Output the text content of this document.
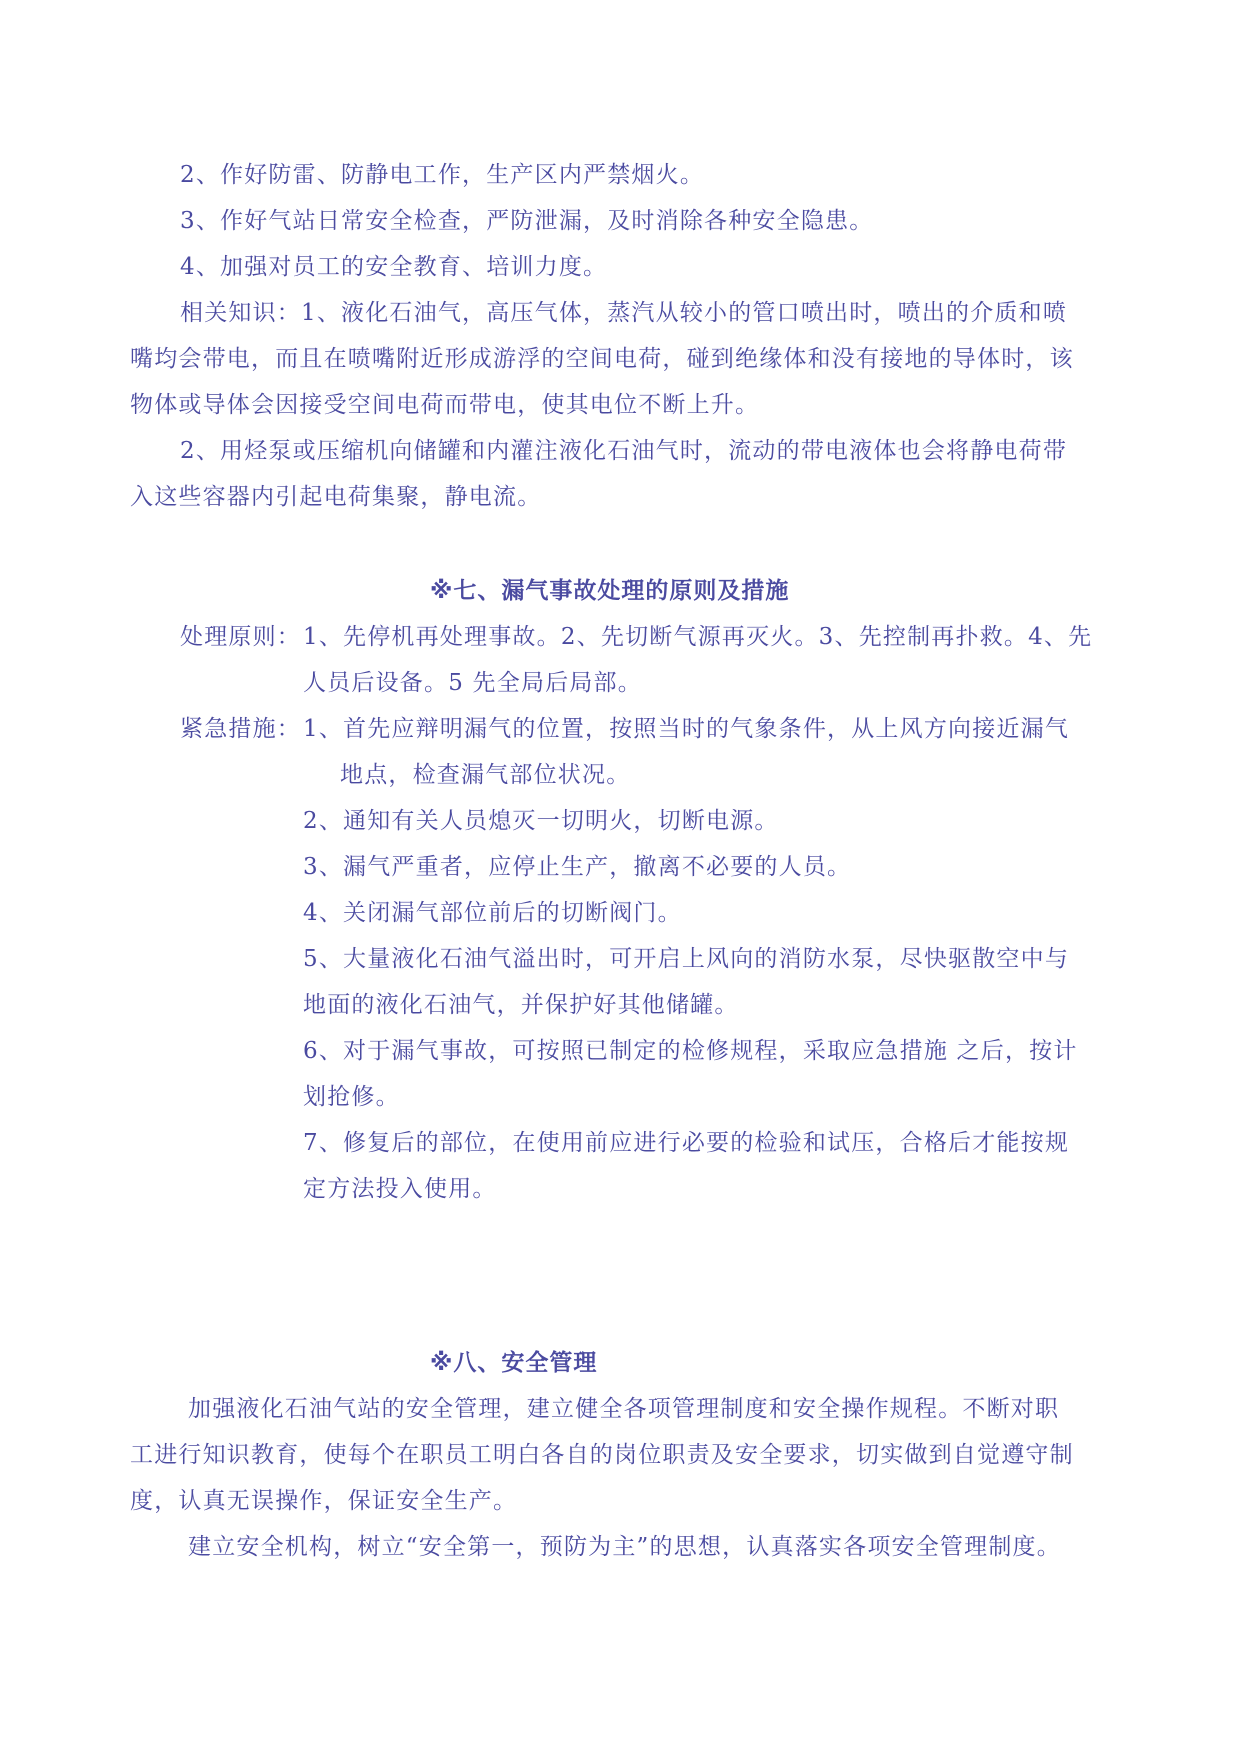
2、作好防雷、防静电工作，生产区内严禁烟火。
3、作好气站日常安全检查，严防泄漏，及时消除各种安全隐患。
4、加强对员工的安全教育、培训力度。
相关知识：1、液化石油气，高压气体，蒸汽从较小的管口喷出时，喷出的介质和喷
嘴均会带电，而且在喷嘴附近形成游浮的空间电荷，碰到绝缘体和没有接地的导体时，该
物体或导体会因接受空间电荷而带电，使其电位不断上升。
2、用烃泵或压缩机向储罐和内灌注液化石油气时，流动的带电液体也会将静电荷带
入这些容器内引起电荷集聚，静电流。
※七、漏气事故处理的原则及措施
处理原则： 1、先停机再处理事故。2、先切断气源再灭火。3、先控制再扑救。4、先
人员后设备。5 先全局后局部。
紧急措施： 1、首先应辩明漏气的位置，按照当时的气象条件，从上风方向接近漏气
地点，检查漏气部位状况。
2、通知有关人员熄灭一切明火，切断电源。
3、漏气严重者，应停止生产，撤离不必要的人员。
4、关闭漏气部位前后的切断阀门。
5、大量液化石油气溢出时，可开启上风向的消防水泵，尽快驱散空中与
地面的液化石油气，并保护好其他储罐。
6、对于漏气事故，可按照已制定的检修规程，采取应急措施 之后，按计
划抢修。
7、修复后的部位，在使用前应进行必要的检验和试压，合格后才能按规
定方法投入使用。
※八、安全管理
加强液化石油气站的安全管理，建立健全各项管理制度和安全操作规程。不断对职
工进行知识教育，使每个在职员工明白各自的岗位职责及安全要求，切实做到自觉遵守制
度，认真无误操作，保证安全生产。
建立安全机构，树立“安全第一，预防为主”的思想，认真落实各项安全管理制度。
